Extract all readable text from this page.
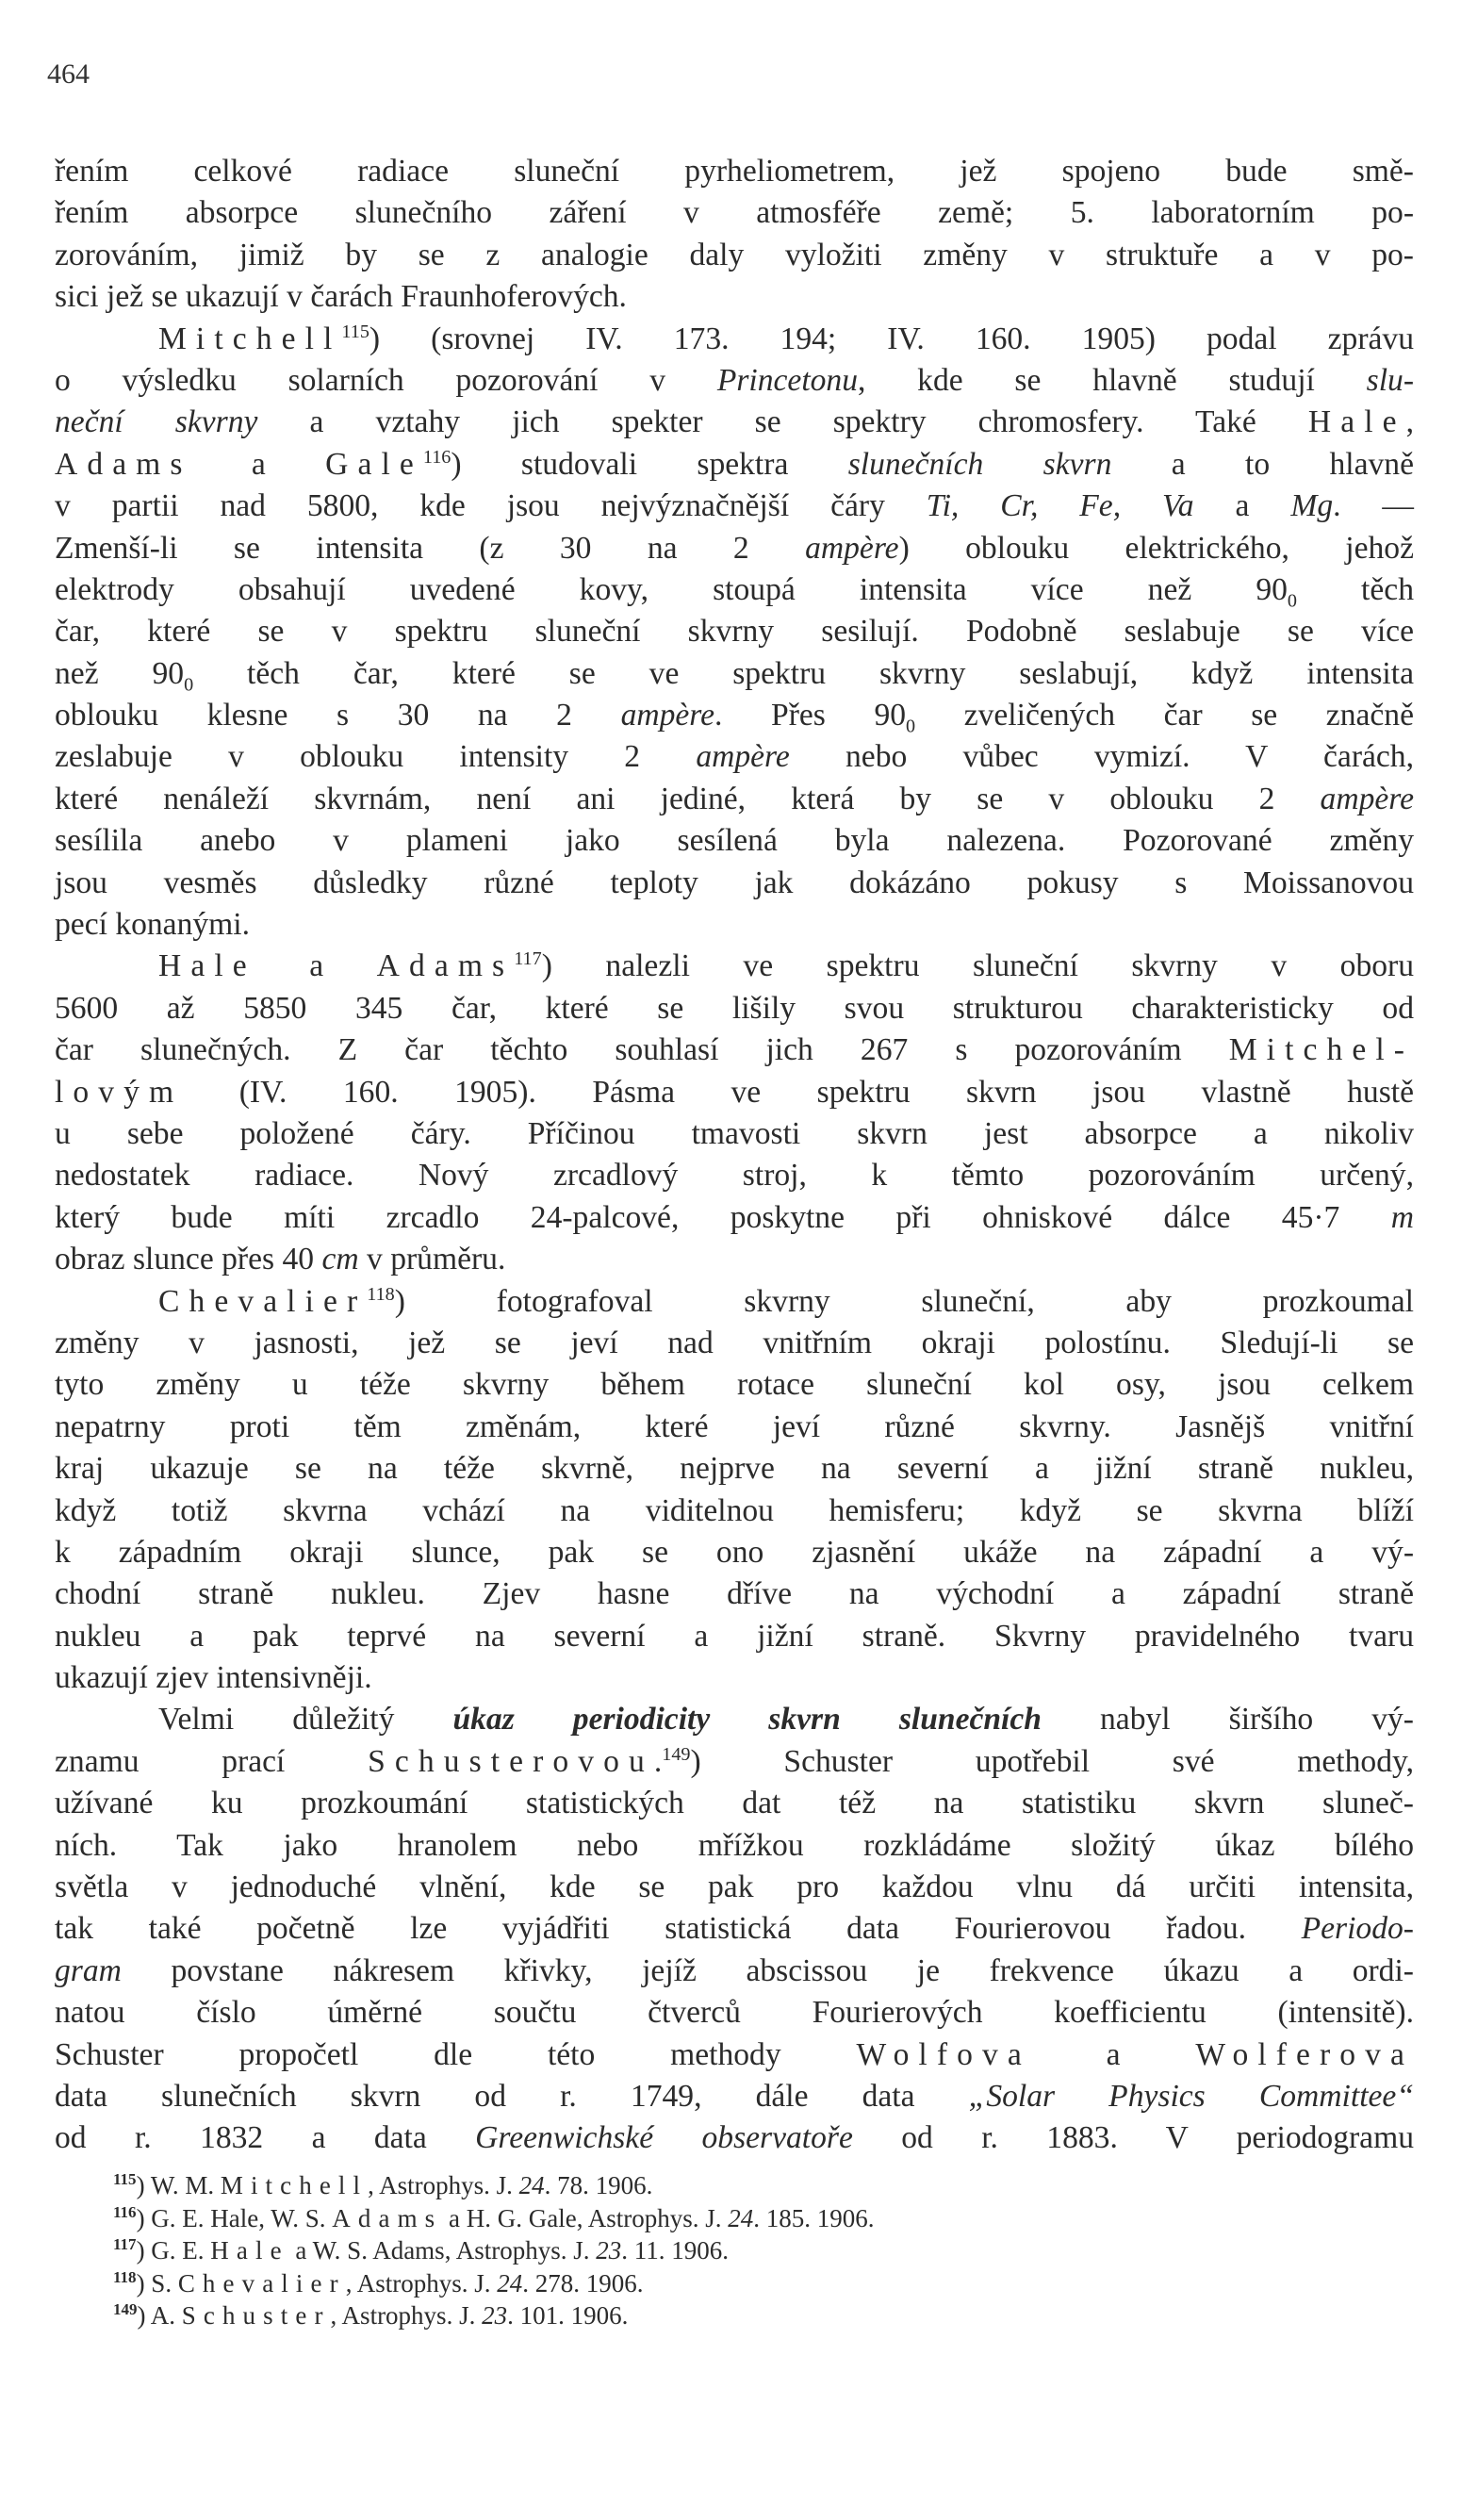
464
řením celkové radiace sluneční pyrheliometrem, jež spojeno bude smě-
řením absorpce slunečního záření v atmosféře země; 5. laboratorním po-
zorováním, jimiž by se z analogie daly vyložiti změny v struktuře a v po-
sici jež se ukazují v čarách Fraunhoferových.
Mitchell$^{115}$) (srovnej IV. 173. 194; IV. 160. 1905) podal zprávu
o výsledku solarních pozorování v Princetonu, kde se hlavně studují slu-
neční skvrny a vztahy jich spekter se spektry chromosfery. Také Hale,
Adams a Gale$^{116}$) studovali spektra slunečních skvrn a to hlavně
v partii nad 5800, kde jsou nejvýznačnější čáry Ti, Cr, Fe, Va a Mg. —
Zmenší-li se intensita (z 30 na 2 ampère) oblouku elektrického, jehož
elektrody obsahují uvedené kovy, stoupá intensita více než $90_0$ těch
čar, které se v spektru sluneční skvrny sesilují. Podobně seslabuje se více
než $90_0$ těch čar, které se ve spektru skvrny seslabují, když intensita
oblouku klesne s 30 na 2 ampère. Přes $90_0$ zveličených čar se značně
zeslabuje v oblouku intensity 2 ampère nebo vůbec vymizí. V čarách,
které nenáleží skvrnám, není ani jediné, která by se v oblouku 2 ampère
sesílila anebo v plameni jako sesílená byla nalezena. Pozorované změny
jsou vesměs důsledky různé teploty jak dokázáno pokusy s Moissanovou
pecí konanými.
Hale a Adams$^{117}$) nalezli ve spektru sluneční skvrny v oboru
5600 až 5850 345 čar, které se lišily svou strukturou charakteristicky od
čar slunečných. Z čar těchto souhlasí jich 267 s pozorováním Mitchel-
lovým (IV. 160. 1905). Pásma ve spektru skvrn jsou vlastně hustě
u sebe položené čáry. Příčinou tmavosti skvrn jest absorpce a nikoliv
nedostatek radiace. Nový zrcadlový stroj, k těmto pozorováním určený,
který bude míti zrcadlo 24-palcové, poskytne při ohniskové dálce 45·7 m
obraz slunce přes 40 cm v průměru.
Chevalier$^{118}$) fotografoval skvrny sluneční, aby prozkoumal
změny v jasnosti, jež se jeví nad vnitřním okraji polostínu. Sledují-li se
tyto změny u téže skvrny během rotace sluneční kol osy, jsou celkem
nepatrny proti těm změnám, které jeví různé skvrny. Jasnějš vnitřní
kraj ukazuje se na téže skvrně, nejprve na severní a jižní straně nukleu,
když totiž skvrna vchází na viditelnou hemisferu; když se skvrna blíží
k západním okraji slunce, pak se ono zjasnění ukáže na západní a vý-
chodní straně nukleu. Zjev hasne dříve na východní a západní straně
nukleu a pak teprvé na severní a jižní straně. Skvrny pravidelného tvaru
ukazují zjev intensivněji.
Velmi důležitý úkaz periodicity skvrn slunečních nabyl širšího vý-
znamu prací Schusterovou.$^{149}$) Schuster upotřebil své methody,
užívané ku prozkoumání statistických dat též na statistiku skvrn sluneč-
ních. Tak jako hranolem nebo mřížkou rozkládáme složitý úkaz bílého
světla v jednoduché vlnění, kde se pak pro každou vlnu dá určiti intensita,
tak také početně lze vyjádřiti statistická data Fourierovou řadou. Periodo-
gram povstane nákresem křivky, jejíž abscissou je frekvence úkazu a ordi-
natou číslo úměrné součtu čtverců Fourierových koefficientu (intensitě).
Schuster propočetl dle této methody Wolfova a Wolferova
data slunečních skvrn od r. 1749, dále data „Solar Physics Committee“
od r. 1832 a data Greenwichské observatoře od r. 1883. V periodogramu
$^{115}$) W. M. Mitchell, Astrophys. J. 24. 78. 1906.
$^{116}$) G. E. Hale, W. S. Adams a H. G. Gale, Astrophys. J. 24. 185. 1906.
$^{117}$) G. E. Hale a W. S. Adams, Astrophys. J. 23. 11. 1906.
$^{118}$) S. Chevalier, Astrophys. J. 24. 278. 1906.
$^{149}$) A. Schuster, Astrophys. J. 23. 101. 1906.
